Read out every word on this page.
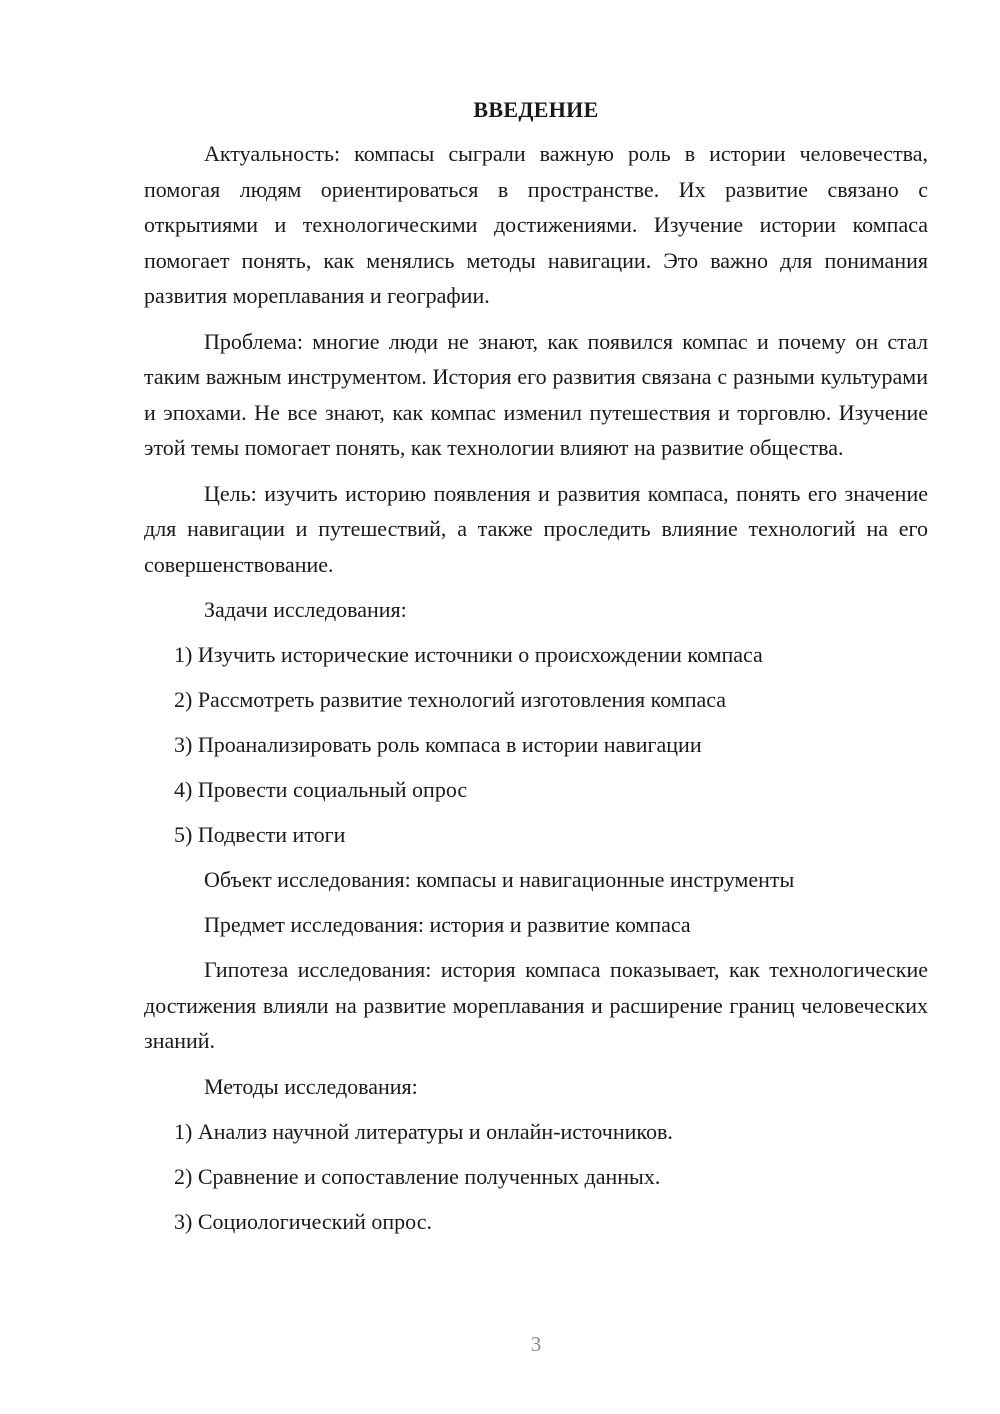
ВВЕДЕНИЕ

Актуальность: компасы сыграли важную роль в истории человечества, помогая людям ориентироваться в пространстве. Их развитие связано с открытиями и технологическими достижениями. Изучение истории компаса помогает понять, как менялись методы навигации. Это важно для понимания развития мореплавания и географии.

Проблема: многие люди не знают, как появился компас и почему он стал таким важным инструментом. История его развития связана с разными культурами и эпохами. Не все знают, как компас изменил путешествия и торговлю. Изучение этой темы помогает понять, как технологии влияют на развитие общества.

Цель: изучить историю появления и развития компаса, понять его значение для навигации и путешествий, а также проследить влияние технологий на его совершенствование.

Задачи исследования:
1) Изучить исторические источники о происхождении компаса
2) Рассмотреть развитие технологий изготовления компаса
3) Проанализировать роль компаса в истории навигации
4) Провести социальный опрос
5) Подвести итоги
Объект исследования: компасы и навигационные инструменты
Предмет исследования: история и развитие компаса

Гипотеза исследования: история компаса показывает, как технологические достижения влияли на развитие мореплавания и расширение границ человеческих знаний.

Методы исследования:
1) Анализ научной литературы и онлайн-источников.
2) Сравнение и сопоставление полученных данных.
3) Социологический опрос.
3
